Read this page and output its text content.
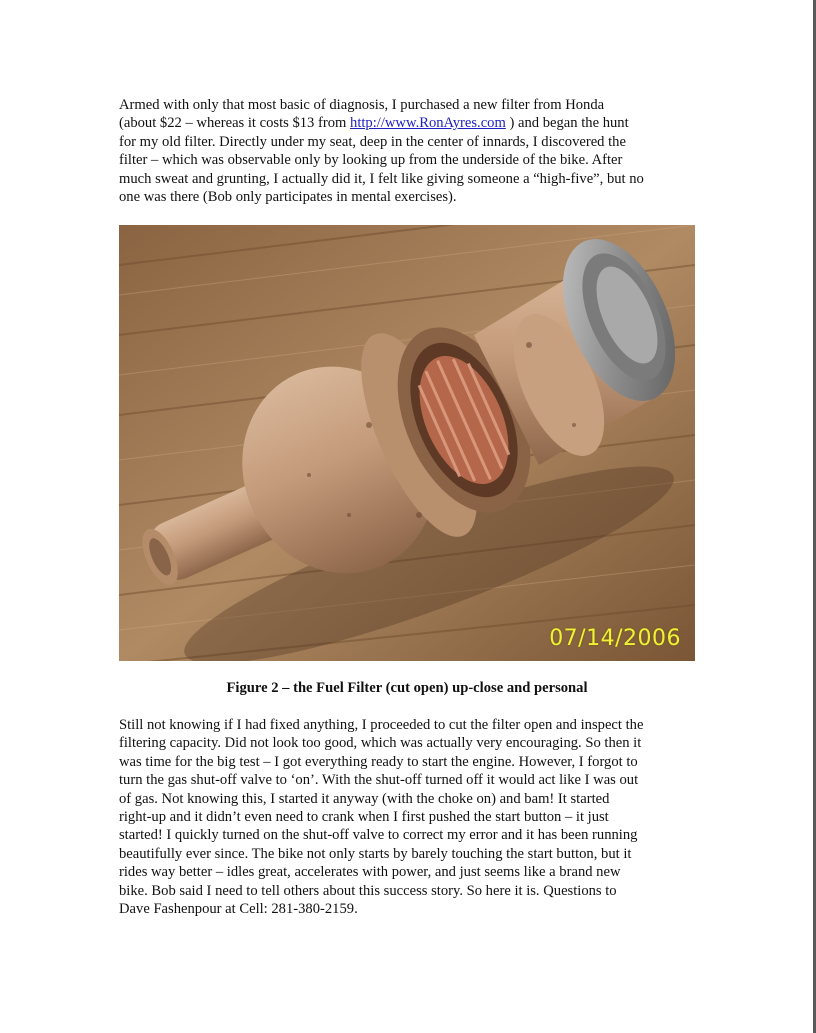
Armed with only that most basic of diagnosis, I purchased a new filter from Honda
(about $22 – whereas it costs $13 from http://www.RonAyres.com ) and began the hunt
for my old filter. Directly under my seat, deep in the center of innards, I discovered the
filter – which was observable only by looking up from the underside of the bike. After
much sweat and grunting, I actually did it, I felt like giving someone a “high-five”, but no
one was there (Bob only participates in mental exercises).
07/14/2006
Figure 2 – the Fuel Filter (cut open) up-close and personal
Still not knowing if I had fixed anything, I proceeded to cut the filter open and inspect the
filtering capacity. Did not look too good, which was actually very encouraging. So then it
was time for the big test – I got everything ready to start the engine. However, I forgot to
turn the gas shut-off valve to ‘on’. With the shut-off turned off it would act like I was out
of gas. Not knowing this, I started it anyway (with the choke on) and bam! It started
right-up and it didn’t even need to crank when I first pushed the start button – it just
started! I quickly turned on the shut-off valve to correct my error and it has been running
beautifully ever since. The bike not only starts by barely touching the start button, but it
rides way better – idles great, accelerates with power, and just seems like a brand new
bike. Bob said I need to tell others about this success story. So here it is. Questions to
Dave Fashenpour at Cell: 281-380-2159.
